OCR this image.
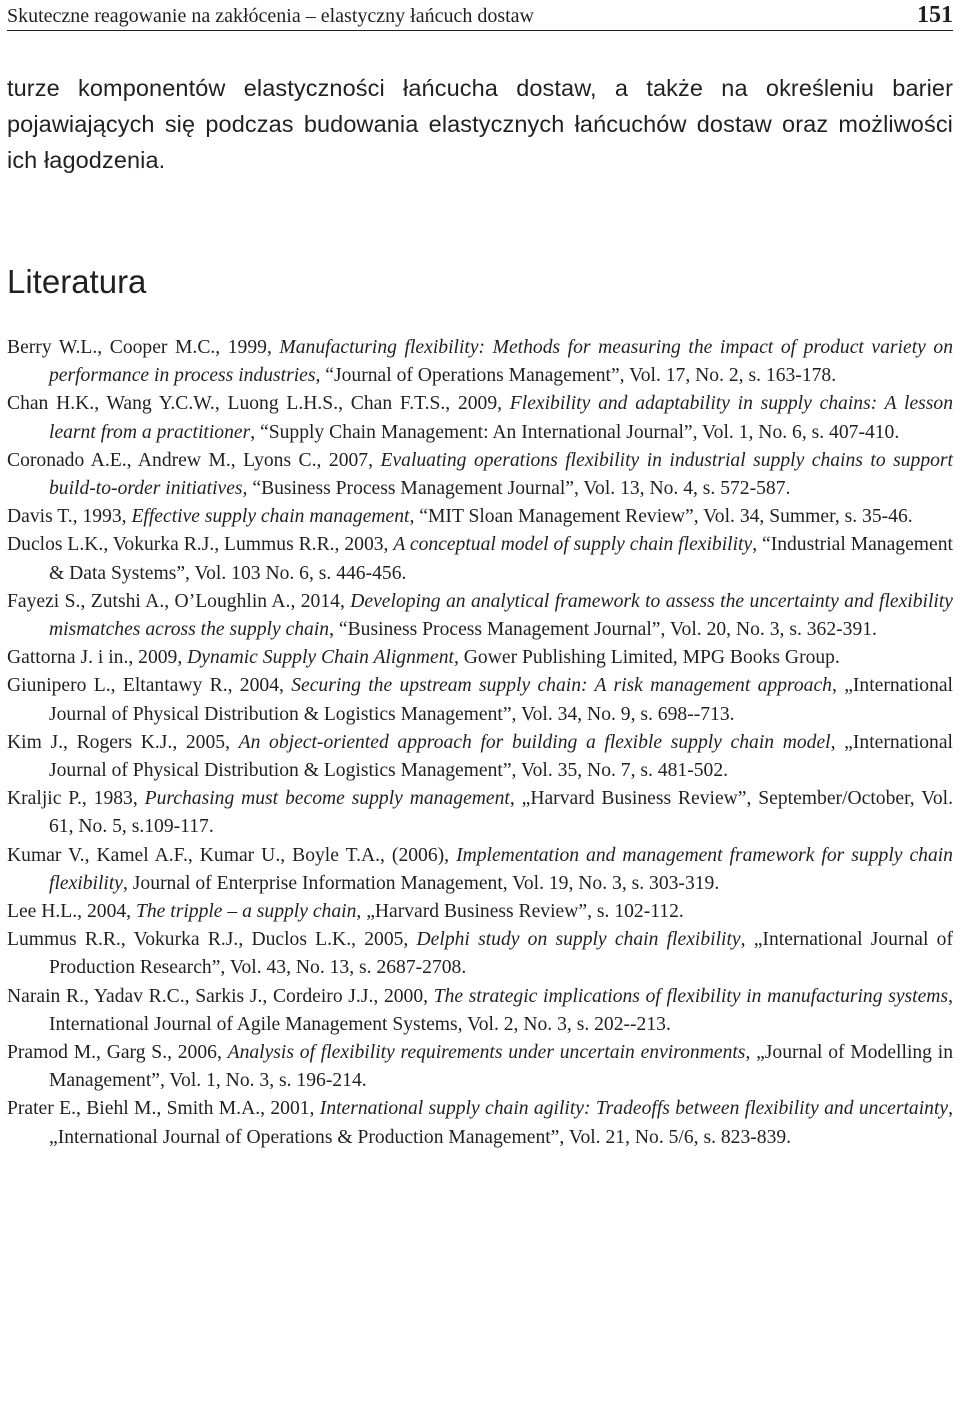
Skuteczne reagowanie na zakłócenia – elastyczny łańcuch dostaw	151

turze komponentów elastyczności łańcucha dostaw, a także na określeniu barier pojawiających się podczas budowania elastycznych łańcuchów dostaw oraz możliwości ich łagodzenia.

Literatura
Berry W.L., Cooper M.C., 1999, Manufacturing flexibility: Methods for measuring the impact of product variety on performance in process industries, “Journal of Operations Management”, Vol. 17, No. 2, s. 163-178.
Chan H.K., Wang Y.C.W., Luong L.H.S., Chan F.T.S., 2009, Flexibility and adaptability in supply chains: A lesson learnt from a practitioner, “Supply Chain Management: An International Journal”, Vol. 1, No. 6, s. 407-410.
Coronado A.E., Andrew M., Lyons C., 2007, Evaluating operations flexibility in industrial supply chains to support build-to-order initiatives, “Business Process Management Journal”, Vol. 13, No. 4, s. 572-587.
Davis T., 1993, Effective supply chain management, “MIT Sloan Management Review”, Vol. 34, Summer, s. 35-46.
Duclos L.K., Vokurka R.J., Lummus R.R., 2003, A conceptual model of supply chain flexibility, “Industrial Management & Data Systems”, Vol. 103 No. 6, s. 446-456.
Fayezi S., Zutshi A., O’Loughlin A., 2014, Developing an analytical framework to assess the uncertainty and flexibility mismatches across the supply chain, “Business Process Management Journal”, Vol. 20, No. 3, s. 362-391.
Gattorna J. i in., 2009, Dynamic Supply Chain Alignment, Gower Publishing Limited, MPG Books Group.
Giunipero L., Eltantawy R., 2004, Securing the upstream supply chain: A risk management approach, „International Journal of Physical Distribution & Logistics Management”, Vol. 34, No. 9, s. 698--713.
Kim J., Rogers K.J., 2005, An object-oriented approach for building a flexible supply chain model, „International Journal of Physical Distribution & Logistics Management”, Vol. 35, No. 7, s. 481-502.
Kraljic P., 1983, Purchasing must become supply management, „Harvard Business Review”, September/October, Vol. 61, No. 5, s.109-117.
Kumar V., Kamel A.F., Kumar U., Boyle T.A., (2006), Implementation and management framework for supply chain flexibility, Journal of Enterprise Information Management, Vol. 19, No. 3, s. 303-319.
Lee H.L., 2004, The tripple – a supply chain, „Harvard Business Review”, s. 102-112.
Lummus R.R., Vokurka R.J., Duclos L.K., 2005, Delphi study on supply chain flexibility, „International Journal of Production Research”, Vol. 43, No. 13, s. 2687-2708.
Narain R., Yadav R.C., Sarkis J., Cordeiro J.J., 2000, The strategic implications of flexibility in manufacturing systems, International Journal of Agile Management Systems, Vol. 2, No. 3, s. 202--213.
Pramod M., Garg S., 2006, Analysis of flexibility requirements under uncertain environments, „Journal of Modelling in Management”, Vol. 1, No. 3, s. 196-214.
Prater E., Biehl M., Smith M.A., 2001, International supply chain agility: Tradeoffs between flexibility and uncertainty, „International Journal of Operations & Production Management”, Vol. 21, No. 5/6, s. 823-839.
